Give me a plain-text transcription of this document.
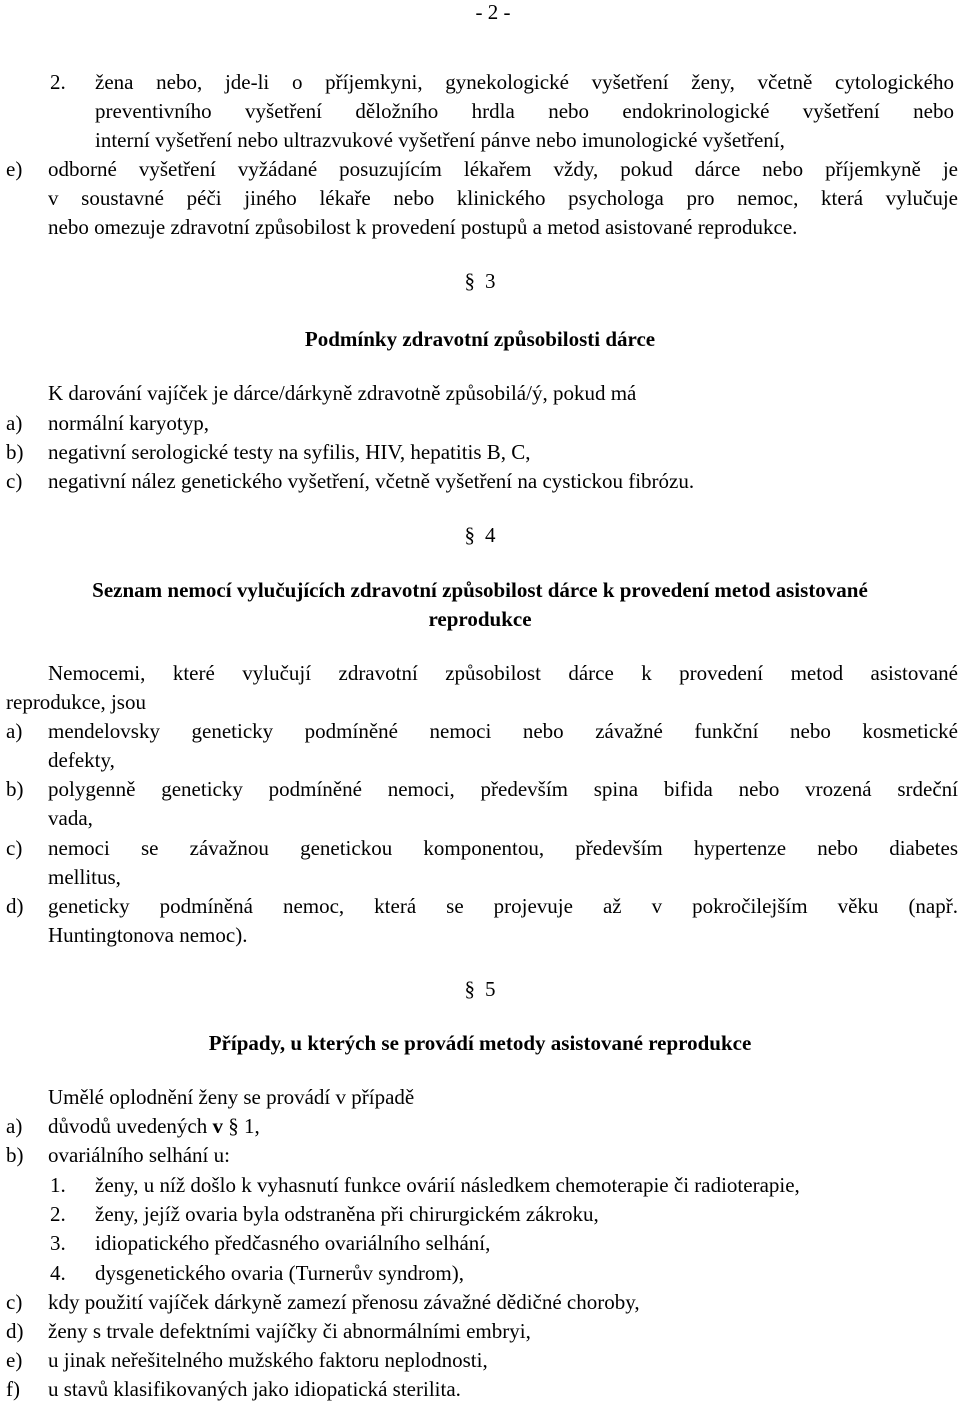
- 2 -
2. žena nebo, jde-li o příjemkyni, gynekologické vyšetření ženy, včetně cytologického
preventivního vyšetření děložního hrdla nebo endokrinologické vyšetření nebo
interní vyšetření nebo ultrazvukové vyšetření pánve nebo imunologické vyšetření,
e) odborné vyšetření vyžádané posuzujícím lékařem vždy, pokud dárce nebo příjemkyně je
v soustavné péči jiného lékaře nebo klinického psychologa pro nemoc, která vylučuje
nebo omezuje zdravotní způsobilost k provedení postupů a metod asistované reprodukce.
§ 3
Podmínky zdravotní způsobilosti dárce
K darování vajíček je dárce/dárkyně zdravotně způsobilá/ý, pokud má
a) normální karyotyp,
b) negativní serologické testy na syfilis, HIV, hepatitis B, C,
c) negativní nález genetického vyšetření, včetně vyšetření na cystickou fibrózu.
§ 4
Seznam nemocí vylučujících zdravotní způsobilost dárce k provedení metod asistované
reprodukce
Nemocemi, které vylučují zdravotní způsobilost dárce k provedení metod asistované
reprodukce, jsou
a) mendelovsky geneticky podmíněné nemoci nebo závažné funkční nebo kosmetické
defekty,
b) polygenně geneticky podmíněné nemoci, především spina bifida nebo vrozená srdeční
vada,
c) nemoci se závažnou genetickou komponentou, především hypertenze nebo diabetes
mellitus,
d) geneticky podmíněná nemoc, která se projevuje až v pokročilejším věku (např.
Huntingtonova nemoc).
§ 5
Případy, u kterých se provádí metody asistované reprodukce
Umělé oplodnění ženy se provádí v případě
a) důvodů uvedených v § 1,
b) ovariálního selhání u:
1. ženy, u níž došlo k vyhasnutí funkce ovárií následkem chemoterapie či radioterapie,
2. ženy, jejíž ovaria byla odstraněna při chirurgickém zákroku,
3. idiopatického předčasného ovariálního selhání,
4. dysgenetického ovaria (Turnerův syndrom),
c) kdy použití vajíček dárkyně zamezí přenosu závažné dědičné choroby,
d) ženy s trvale defektními vajíčky či abnormálními embryi,
e) u jinak neřešitelného mužského faktoru neplodnosti,
f) u stavů klasifikovaných jako idiopatická sterilita.
